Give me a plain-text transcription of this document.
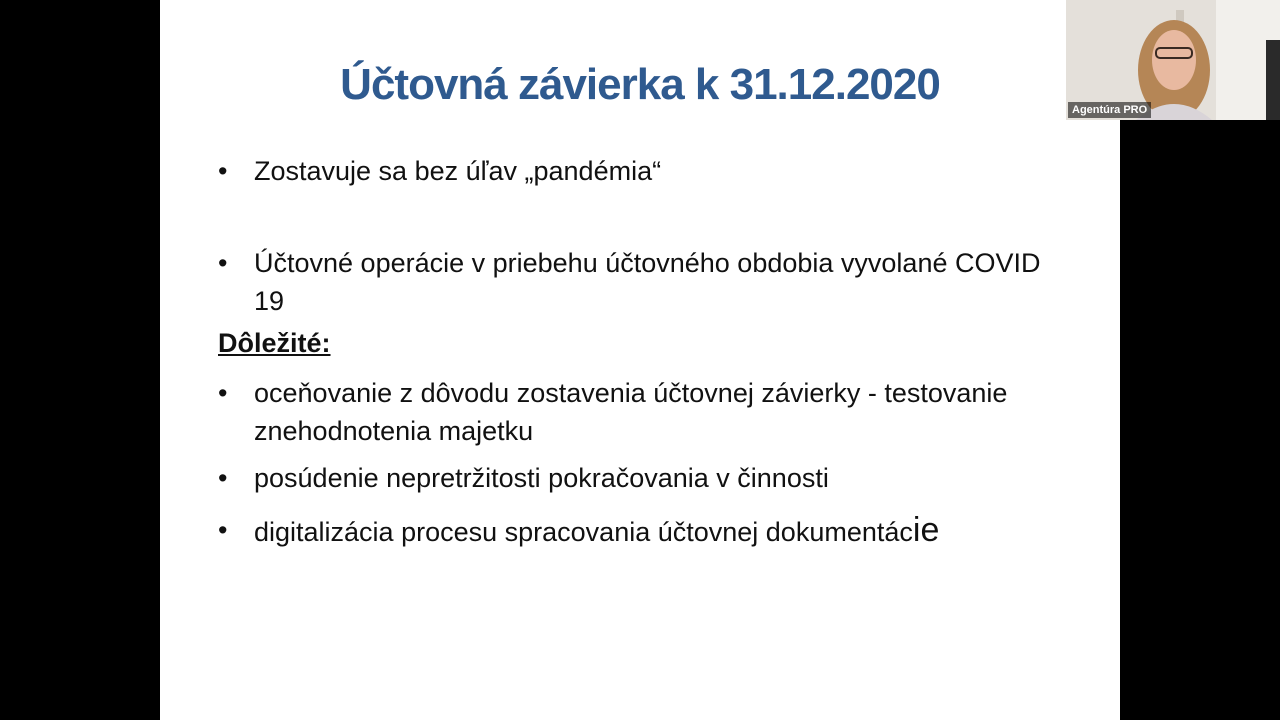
Účtovná závierka k 31.12.2020
• Zostavuje sa bez úľav „pandémia“
• Účtovné operácie v priebehu účtovného obdobia vyvolané COVID 19
Dôležité:
• oceňovanie z dôvodu zostavenia účtovnej závierky - testovanie znehodnotenia majetku
• posúdenie nepretržitosti pokračovania v činnosti
• digitalizácia procesu spracovania účtovnej dokumentácie
Agentúra PRO
